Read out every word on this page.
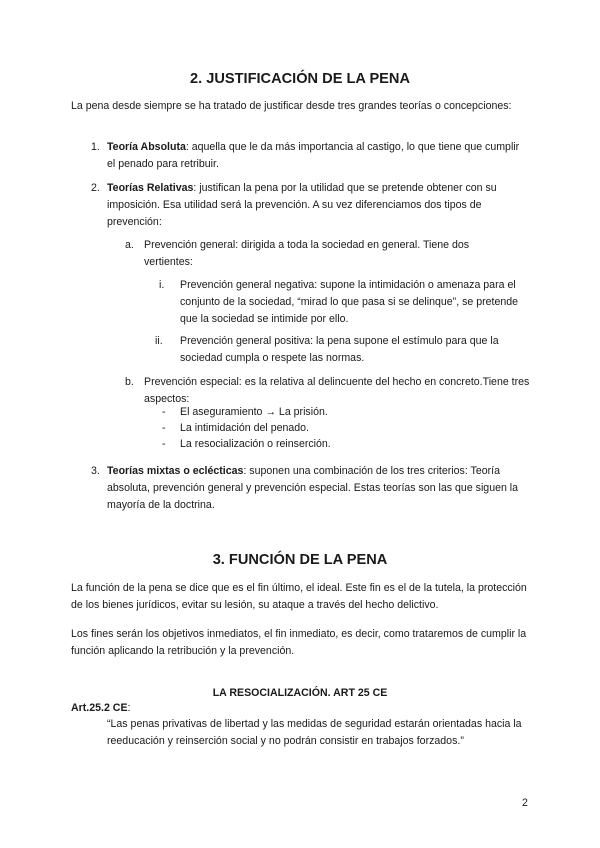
2. JUSTIFICACIÓN DE LA PENA

La pena desde siempre se ha tratado de justificar desde tres grandes teorías o concepciones:

1. Teoría Absoluta: aquella que le da más importancia al castigo, lo que tiene que cumplir el penado para retribuir.

2. Teorías Relativas: justifican la pena por la utilidad que se pretende obtener con su imposición. Esa utilidad será la prevención. A su vez diferenciamos dos tipos de prevención:

a. Prevención general: dirigida a toda la sociedad en general. Tiene dos vertientes:

i. Prevención general negativa: supone la intimidación o amenaza para el conjunto de la sociedad, “mirad lo que pasa si se delinque”, se pretende que la sociedad se intimide por ello.

ii. Prevención general positiva: la pena supone el estímulo para que la sociedad cumpla o respete las normas.

b. Prevención especial: es la relativa al delincuente del hecho en concreto.Tiene tres aspectos:

- El aseguramiento → La prisión.
- La intimidación del penado.
- La resocialización o reinserción.
3. Teorías mixtas o eclécticas: suponen una combinación de los tres criterios: Teoría absoluta, prevención general y prevención especial. Estas teorías son las que siguen la mayoría de la doctrina.

3. FUNCIÓN DE LA PENA

La función de la pena se dice que es el fin último, el ideal. Este fin es el de la tutela, la protección de los bienes jurídicos, evitar su lesión, su ataque a través del hecho delictivo.

Los fines serán los objetivos inmediatos, el fin inmediato, es decir, como trataremos de cumplir la función aplicando la retribución y la prevención.

LA RESOCIALIZACIÓN. ART 25 CE
Art.25.2 CE:

“Las penas privativas de libertad y las medidas de seguridad estarán orientadas hacia la reeducación y reinserción social y no podrán consistir en trabajos forzados.”

2
